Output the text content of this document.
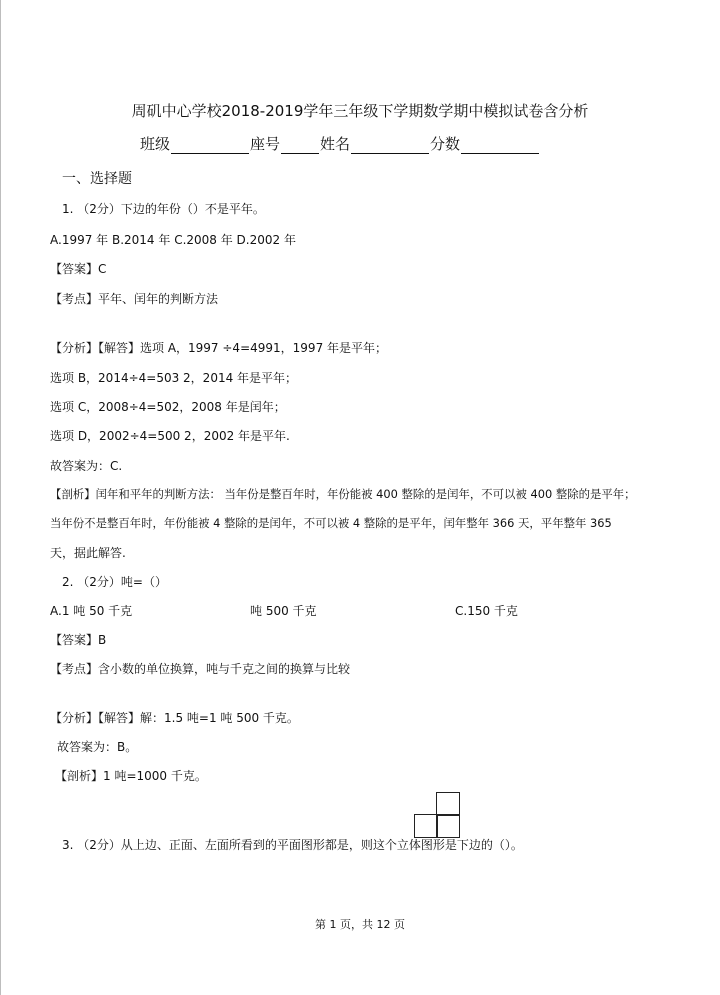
周矶中心学校2018-2019学年三年级下学期数学期中模拟试卷含分析
班级	座号	姓名	分数
一、选择题
1. （2分）下边的年份（）不是平年。
A.1997 年 B.2014 年 C.2008 年 D.2002 年
【答案】C
【考点】平年、闰年的判断方法
【分析】【解答】选项 A，1997 ÷4=4991，1997 年是平年；
选项 B，2014÷4=503 2，2014 年是平年；
选项 C，2008÷4=502，2008 年是闰年；
选项 D，2002÷4=500 2，2002 年是平年.
故答案为：C.
【剖析】闰年和平年的判断方法： 当年份是整百年时，年份能被 400 整除的是闰年，不可以被 400 整除的是平年；
当年份不是整百年时，年份能被 4 整除的是闰年，不可以被 4 整除的是平年，闰年整年 366 天，平年整年 365
天，据此解答.
2. （2分）吨=（）
A.1 吨 50 千克	吨 500 千克	C.150 千克
【答案】B
【考点】含小数的单位换算，吨与千克之间的换算与比较
【分析】【解答】解：1.5 吨=1 吨 500 千克。
故答案为：B。
【剖析】1 吨=1000 千克。
3. （2分）从上边、正面、左面所看到的平面图形都是，则这个立体图形是下边的（）。
第 1 页，共 12 页
